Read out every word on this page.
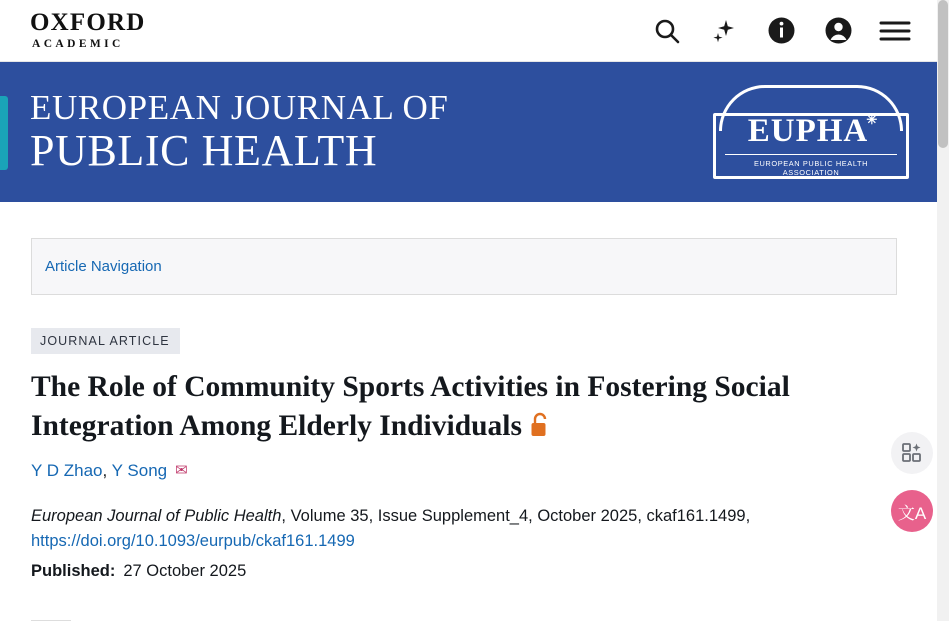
OXFORD
ACADEMIC
EUROPEAN JOURNAL OF
PUBLIC HEALTH	EUPHA
✳
EUROPEAN PUBLIC HEALTH ASSOCIATION
Article Navigation
JOURNAL ARTICLE
The Role of Community Sports Activities in Fostering Social Integration Among Elderly Individuals
Y D Zhao, Y Song ✉
European Journal of Public Health, Volume 35, Issue Supplement_4, October 2025, ckaf161.1499,
https://doi.org/10.1093/eurpub/ckaf161.1499
Published: 27 October 2025
文A
